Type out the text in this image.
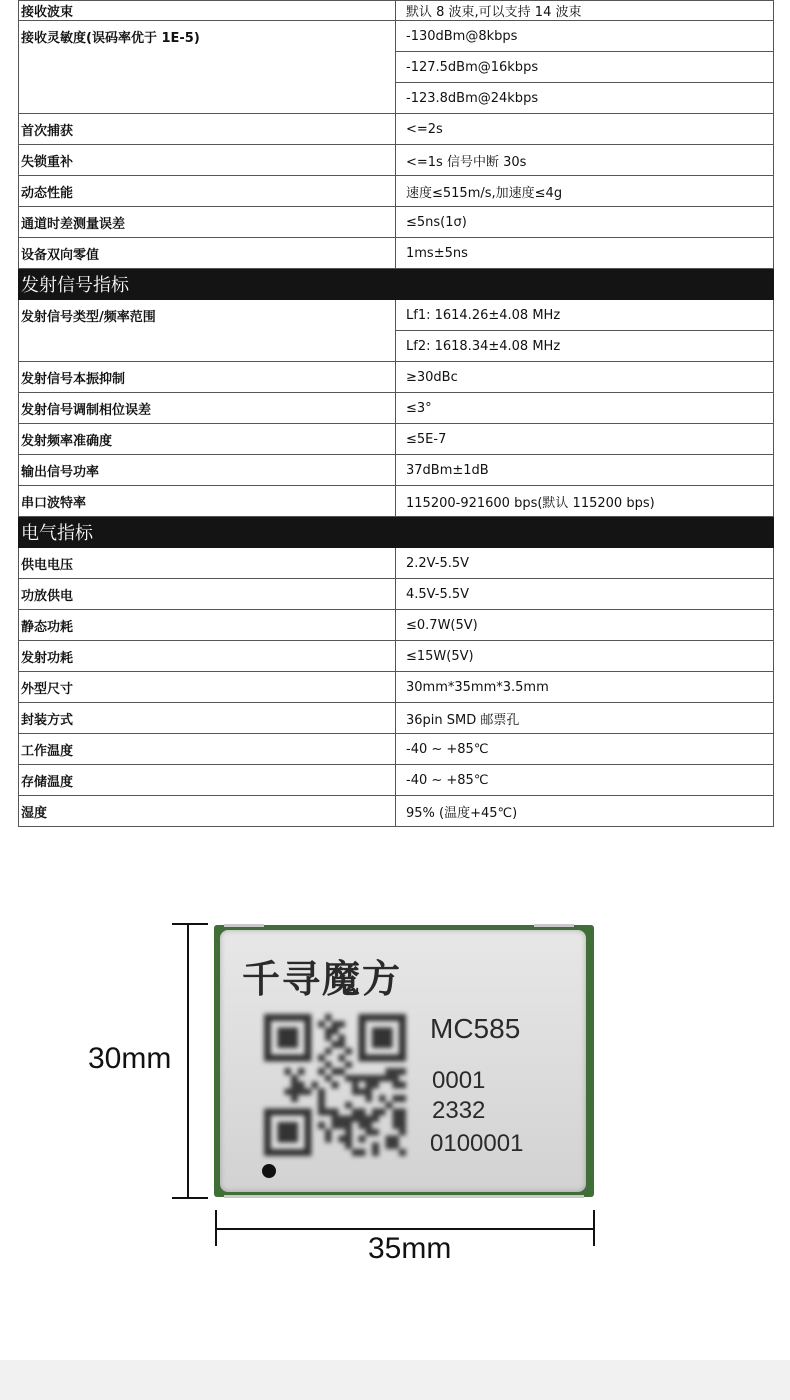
接收波束	默认 8 波束,可以支持 14 波束
接收灵敏度(误码率优于 1E-5)	-130dBm@8kbps
	-127.5dBm@16kbps
	-123.8dBm@24kbps
首次捕获	<=2s
失锁重补	<=1s 信号中断 30s
动态性能	速度≤515m/s,加速度≤4g
通道时差测量误差	≤5ns(1σ)
设备双向零值	1ms±5ns
发射信号指标	
发射信号类型/频率范围	Lf1: 1614.26±4.08 MHz
	Lf2: 1618.34±4.08 MHz
发射信号本振抑制	≥30dBc
发射信号调制相位误差	≤3°
发射频率准确度	≤5E-7
输出信号功率	37dBm±1dB
串口波特率	115200-921600 bps(默认 115200 bps)
电气指标	
供电电压	2.2V-5.5V
功放供电	4.5V-5.5V
静态功耗	≤0.7W(5V)
发射功耗	≤15W(5V)
外型尺寸	30mm*35mm*3.5mm
封装方式	36pin SMD 邮票孔
工作温度	-40 ~ +85℃
存储温度	-40 ~ +85℃
湿度	95% (温度+45℃)
30mm
35mm
千寻魔方
MC585
0001
2332
0100001
